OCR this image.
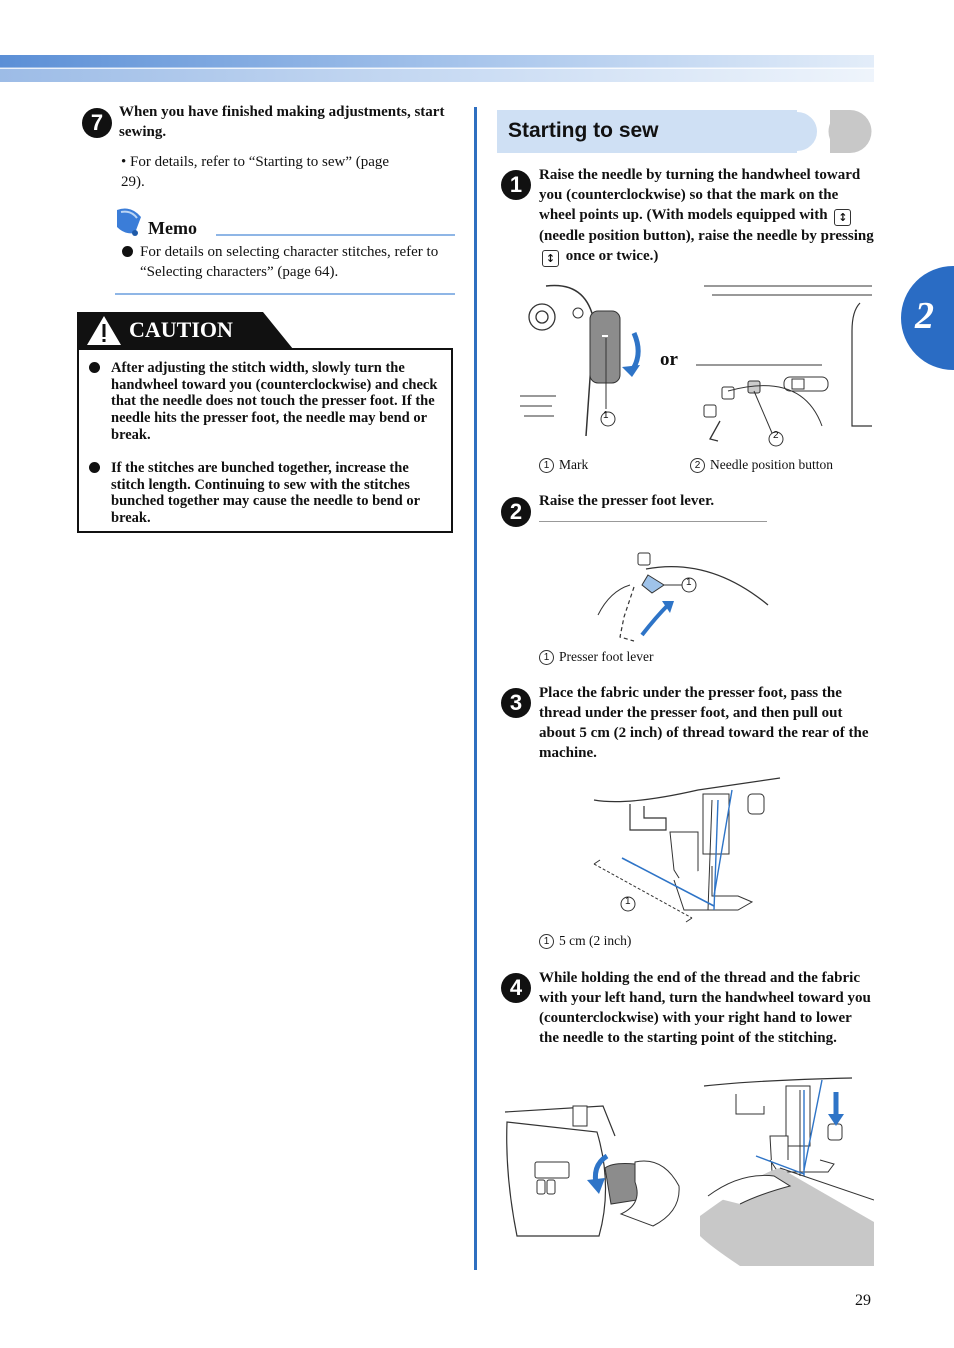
2
7	When you have finished making adjustments, start sewing.
• For details, refer to “Starting to sew” (page 29).
Memo
For details on selecting character stitches, refer to “Selecting characters” (page 64).
CAUTION
After adjusting the stitch width, slowly turn the handwheel toward you (counterclockwise) and check that the needle does not touch the presser foot. If the needle hits the presser foot, the needle may bend or break.
If the stitches are bunched together, increase the stitch length. Continuing to sew with the stitches bunched together may cause the needle to bend or break.
Starting to sew
1	Raise the needle by turning the handwheel toward you (counterclockwise) so that the mark on the wheel points up. (With models equipped with ↕ (needle position button), raise the needle by pressing ↕ once or twice.)
1
or
2
1 Mark	2 Needle position button
2	Raise the presser foot lever.
1
1 Presser foot lever
3	Place the fabric under the presser foot, pass the thread under the presser foot, and then pull out about 5 cm (2 inch) of thread toward the rear of the machine.
1
1 5 cm (2 inch)
4	While holding the end of the thread and the fabric with your left hand, turn the handwheel toward you (counterclockwise) with your right hand to lower the needle to the starting point of the stitching.
29
